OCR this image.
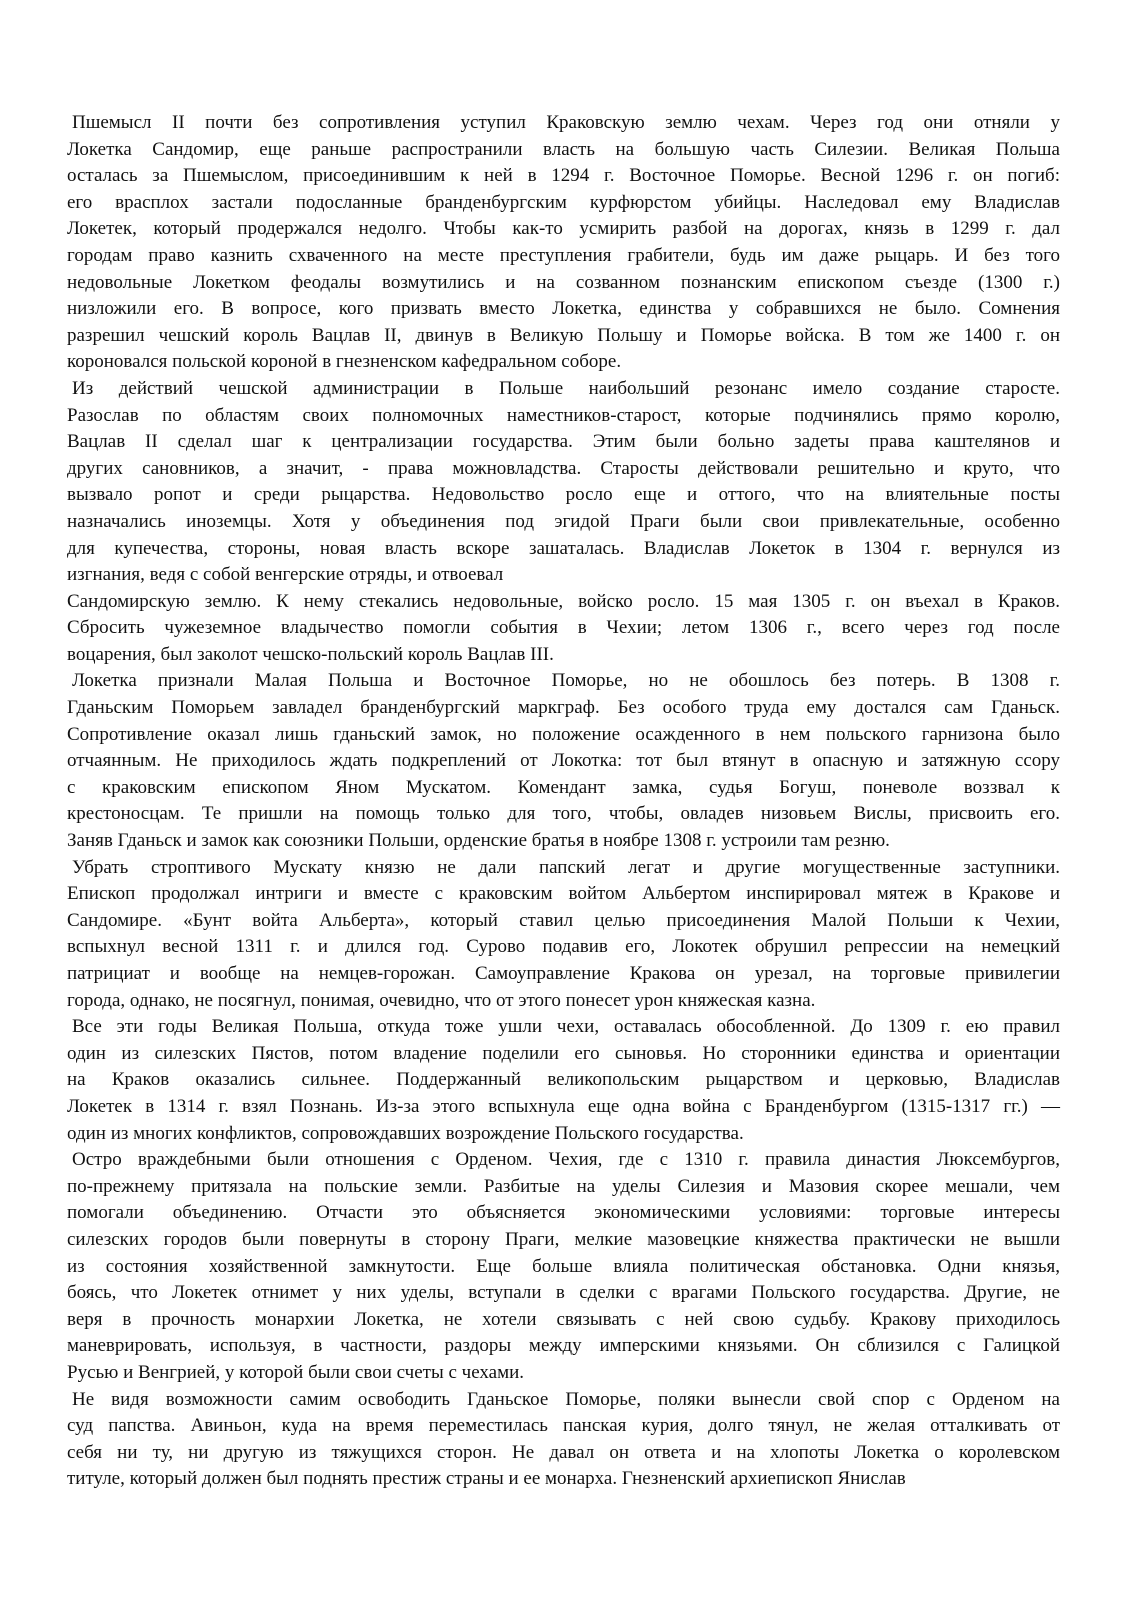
Пшемысл II почти без сопротивления уступил Краковскую землю чехам. Через год они отняли у
Локетка Сандомир, еще раньше распространили власть на большую часть Силезии. Великая Польша
осталась за Пшемыслом, присоединившим к ней в 1294 г. Восточное Поморье. Весной 1296 г. он погиб:
его врасплох застали подосланные бранденбургским курфюрстом убийцы. Наследовал ему Владислав
Локетек, который продержался недолго. Чтобы как-то усмирить разбой на дорогах, князь в 1299 г. дал
городам право казнить схваченного на месте преступления грабители, будь им даже рыцарь. И без того
недовольные Локетком феодалы возмутились и на созванном познанским епископом съезде (1300 г.)
низложили его. В вопросе, кого призвать вместо Локетка, единства у собравшихся не было. Сомнения
разрешил чешский король Вацлав II, двинув в Великую Польшу и Поморье войска. В том же 1400 г. он
короновался польской короной в гнезненском кафедральном соборе.
Из действий чешской администрации в Польше наибольший резонанс имело создание старосте.
Разослав по областям своих полномочных наместников-старост, которые подчинялись прямо королю,
Вацлав II сделал шаг к централизации государства. Этим были больно задеты права каштелянов и
других сановников, а значит, - права можновладства. Старосты действовали решительно и круто, что
вызвало ропот и среди рыцарства. Недовольство росло еще и оттого, что на влиятельные посты
назначались иноземцы. Хотя у объединения под эгидой Праги были свои привлекательные, особенно
для купечества, стороны, новая власть вскоре зашаталась. Владислав Локеток в 1304 г. вернулся из
изгнания, ведя с собой венгерские отряды, и отвоевал
Сандомирскую землю. К нему стекались недовольные, войско росло. 15 мая 1305 г. он въехал в Краков.
Сбросить чужеземное владычество помогли события в Чехии; летом 1306 г., всего через год после
воцарения, был заколот чешско-польский король Вацлав III.
Локетка признали Малая Польша и Восточное Поморье, но не обошлось без потерь. В 1308 г.
Гданьским Поморьем завладел бранденбургский маркграф. Без особого труда ему достался сам Гданьск.
Сопротивление оказал лишь гданьский замок, но положение осажденного в нем польского гарнизона было
отчаянным. Не приходилось ждать подкреплений от Локотка: тот был втянут в опасную и затяжную ссору
с краковским епископом Яном Мускатом. Комендант замка, судья Богуш, поневоле воззвал к
крестоносцам. Те пришли на помощь только для того, чтобы, овладев низовьем Вислы, присвоить его.
Заняв Гданьск и замок как союзники Польши, орденские братья в ноябре 1308 г. устроили там резню.
Убрать строптивого Мускату князю не дали папский легат и другие могущественные заступники.
Епископ продолжал интриги и вместе с краковским войтом Альбертом инспирировал мятеж в Кракове и
Сандомире. «Бунт войта Альберта», который ставил целью присоединения Малой Польши к Чехии,
вспыхнул весной 1311 г. и длился год. Сурово подавив его, Локотек обрушил репрессии на немецкий
патрициат и вообще на немцев-горожан. Самоуправление Кракова он урезал, на торговые привилегии
города, однако, не посягнул, понимая, очевидно, что от этого понесет урон княжеская казна.
Все эти годы Великая Польша, откуда тоже ушли чехи, оставалась обособленной. До 1309 г. ею правил
один из силезских Пястов, потом владение поделили его сыновья. Но сторонники единства и ориентации
на Краков оказались сильнее. Поддержанный великопольским рыцарством и церковью, Владислав
Локетек в 1314 г. взял Познань. Из-за этого вспыхнула еще одна война с Бранденбургом (1315-1317 гг.) —
один из многих конфликтов, сопровождавших возрождение Польского государства.
Остро враждебными были отношения с Орденом. Чехия, где с 1310 г. правила династия Люксембургов,
по-прежнему притязала на польские земли. Разбитые на уделы Силезия и Мазовия скорее мешали, чем
помогали объединению. Отчасти это объясняется экономическими условиями: торговые интересы
силезских городов были повернуты в сторону Праги, мелкие мазовецкие княжества практически не вышли
из состояния хозяйственной замкнутости. Еще больше влияла политическая обстановка. Одни князья,
боясь, что Локетек отнимет у них уделы, вступали в сделки с врагами Польского государства. Другие, не
веря в прочность монархии Локетка, не хотели связывать с ней свою судьбу. Кракову приходилось
маневрировать, используя, в частности, раздоры между имперскими князьями. Он сблизился с Галицкой
Русью и Венгрией, у которой были свои счеты с чехами.
Не видя возможности самим освободить Гданьское Поморье, поляки вынесли свой спор с Орденом на
суд папства. Авиньон, куда на время переместилась панская курия, долго тянул, не желая отталкивать от
себя ни ту, ни другую из тяжущихся сторон. Не давал он ответа и на хлопоты Локетка о королевском
титуле, который должен был поднять престиж страны и ее монарха. Гнезненский архиепископ Янислав
